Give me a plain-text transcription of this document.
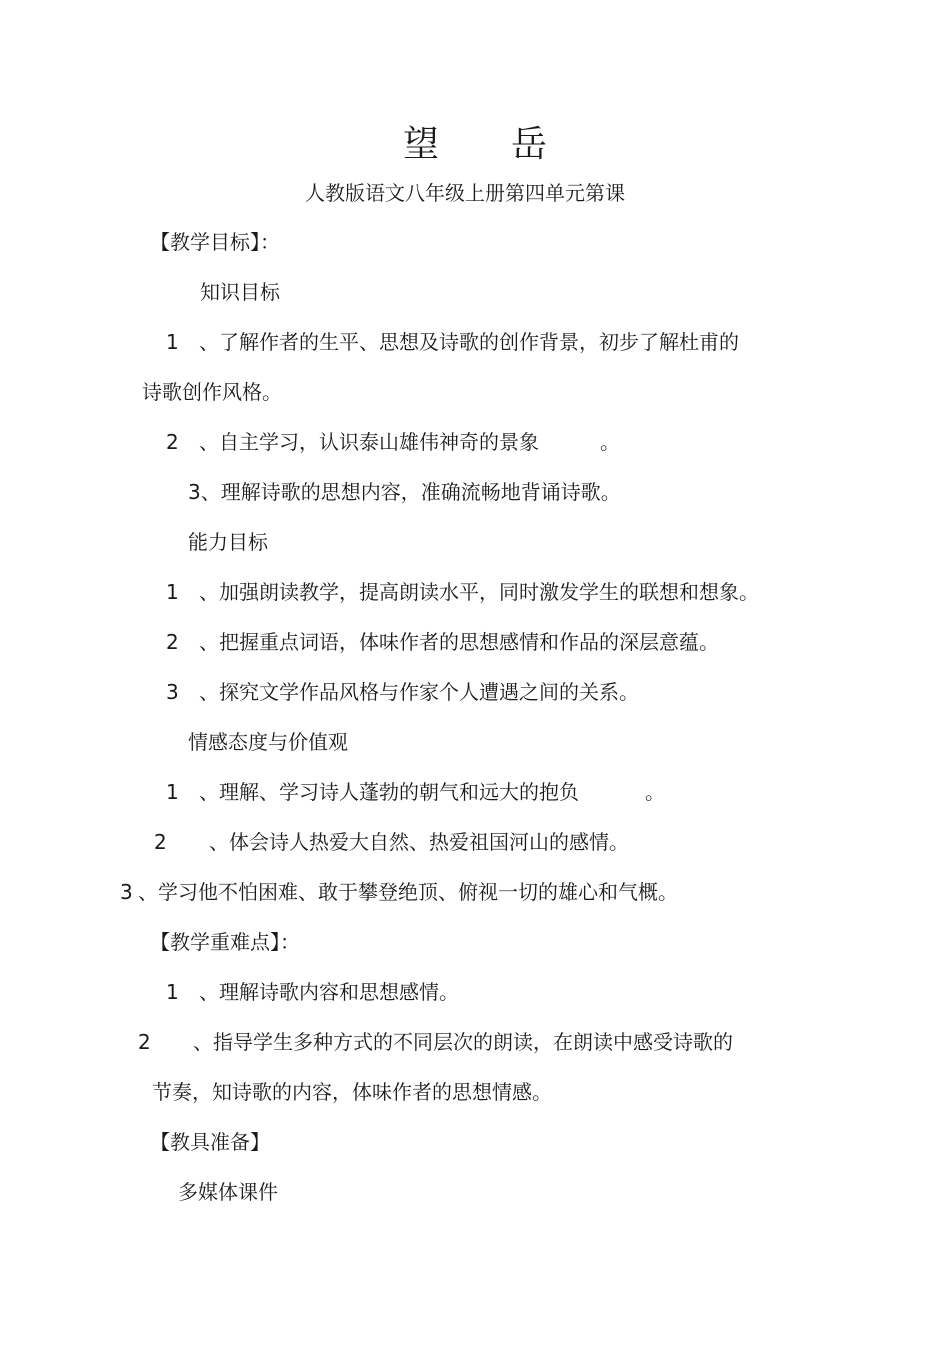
望 岳
人教版语文八年级上册第四单元第课
【教学目标】：
知识目标
1 、了解作者的生平、思想及诗歌的创作背景，初步了解杜甫的
诗歌创作风格。
2 、自主学习，认识泰山雄伟神奇的景象	。
3、理解诗歌的思想内容，准确流畅地背诵诗歌。
能力目标
1 、加强朗读教学，提高朗读水平，同时激发学生的联想和想象。
2 、把握重点词语，体味作者的思想感情和作品的深层意蕴。
3 、探究文学作品风格与作家个人遭遇之间的关系。
情感态度与价值观
1 、理解、学习诗人蓬勃的朝气和远大的抱负	。
2 、体会诗人热爱大自然、热爱祖国河山的感情。
3 、学习他不怕困难、敢于攀登绝顶、俯视一切的雄心和气概。
【教学重难点】：
1 、理解诗歌内容和思想感情。
2 、指导学生多种方式的不同层次的朗读，在朗读中感受诗歌的
节奏，知诗歌的内容，体味作者的思想情感。
【教具准备】
多媒体课件
